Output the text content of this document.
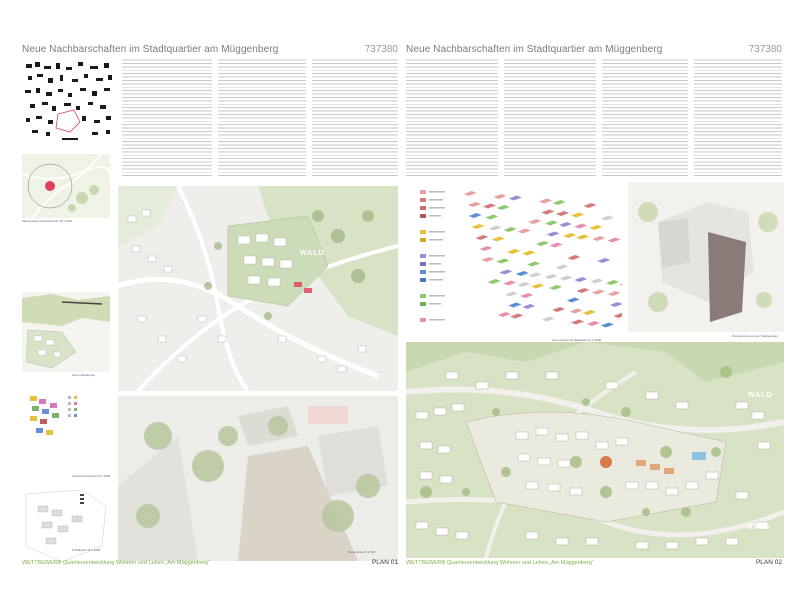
Neue Nachbarschaften im Stadtquartier am Müggenberg	737380
Mikroquartier Aktivitätsraum M 1:1000
Zonen Baukörper
Freiraumverteilung M 1:2500
Freiflächen M 1:1000
WALD
Perspektive M 1:500
WETTBEWERB Quartiersentwicklung Wohnen und Leben „Am Müggenberg“	PLAN 01
Neue Nachbarschaften im Stadtquartier am Müggenberg	737380
Axonometrie der Baufelder M 1:1000
Perspektive aus dem Stadtquartier
WALD
WALD
WETTBEWERB Quartiersentwicklung Wohnen und Leben „Am Müggenberg“	PLAN 02
